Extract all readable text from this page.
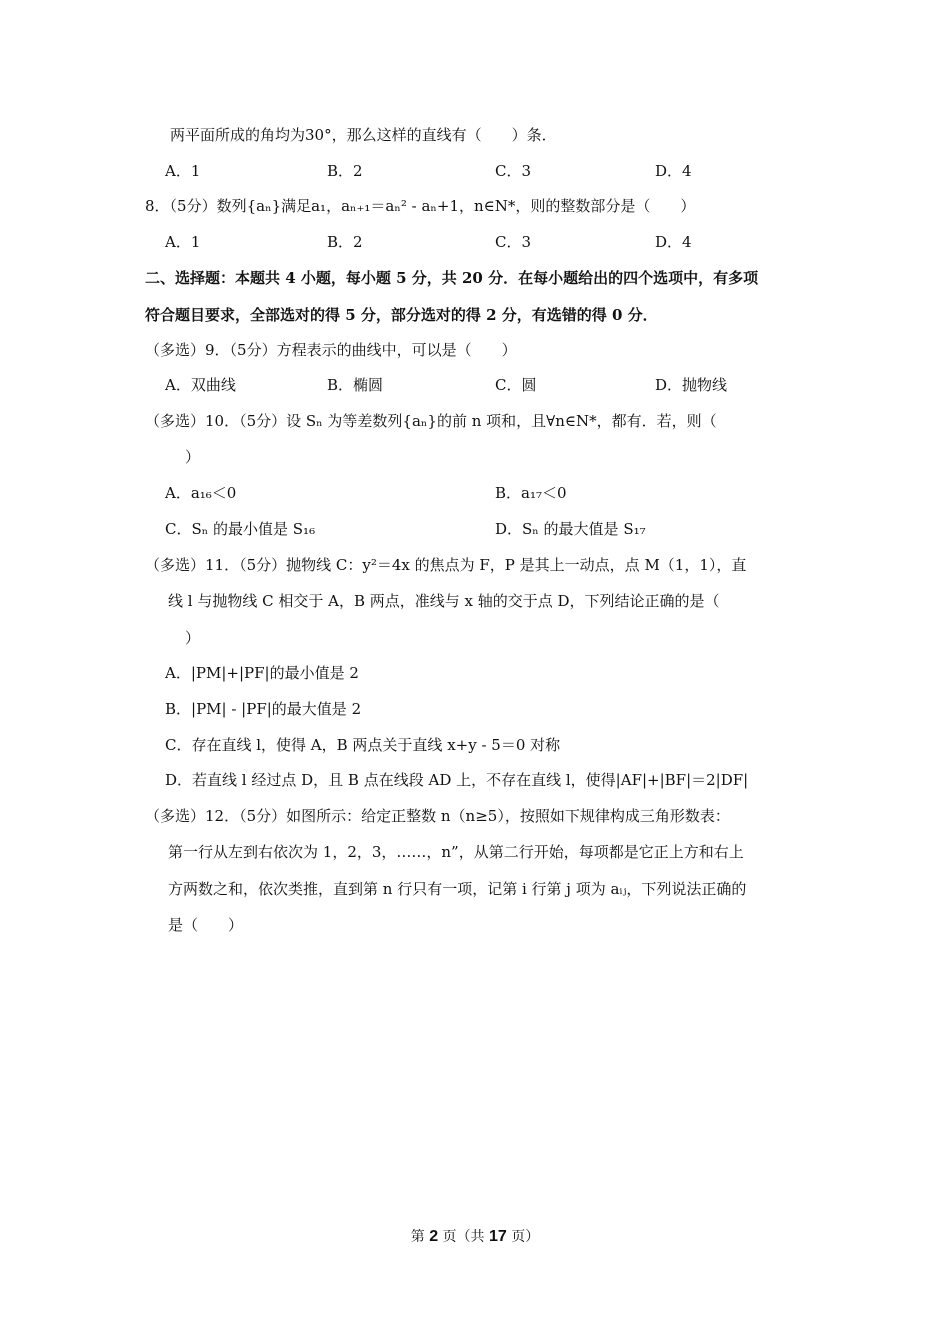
两平面所成的角均为30°，那么这样的直线有（　　）条．
A．1	B．2	C．3	D．4
8．（5分）数列{aₙ}满足a₁，aₙ₊₁＝aₙ² - aₙ+1，n∈N*，则的整数部分是（　　）
A．1	B．2	C．3	D．4
二、选择题：本题共 4 小题，每小题 5 分，共 20 分．在每小题给出的四个选项中，有多项
符合题目要求，全部选对的得 5 分，部分选对的得 2 分，有选错的得 0 分．
（多选）9．（5分）方程表示的曲线中，可以是（　　）
A．双曲线	B．椭圆	C．圆	D．抛物线
（多选）10．（5分）设 Sₙ 为等差数列{aₙ}的前 n 项和，且∀n∈N*，都有．若，则（
）
A．a₁₆＜0	B．a₁₇＜0
C．Sₙ 的最小值是 S₁₆	D．Sₙ 的最大值是 S₁₇
（多选）11．（5分）抛物线 C：y²＝4x 的焦点为 F，P 是其上一动点，点 M（1，1），直
线 l 与抛物线 C 相交于 A，B 两点，准线与 x 轴的交于点 D，下列结论正确的是（
）
A．|PM|+|PF|的最小值是 2
B．|PM| - |PF|的最大值是 2
C．存在直线 l，使得 A，B 两点关于直线 x+y - 5＝0 对称
D．若直线 l 经过点 D，且 B 点在线段 AD 上，不存在直线 l，使得|AF|+|BF|＝2|DF|
（多选）12．（5分）如图所示：给定正整数 n（n≥5），按照如下规律构成三角形数表：
第一行从左到右依次为 1，2，3，……，n”，从第二行开始，每项都是它正上方和右上
方两数之和，依次类推，直到第 n 行只有一项，记第 i 行第 j 项为 aᵢⱼ，下列说法正确的
是（　　）
第 2 页（共 17 页）
